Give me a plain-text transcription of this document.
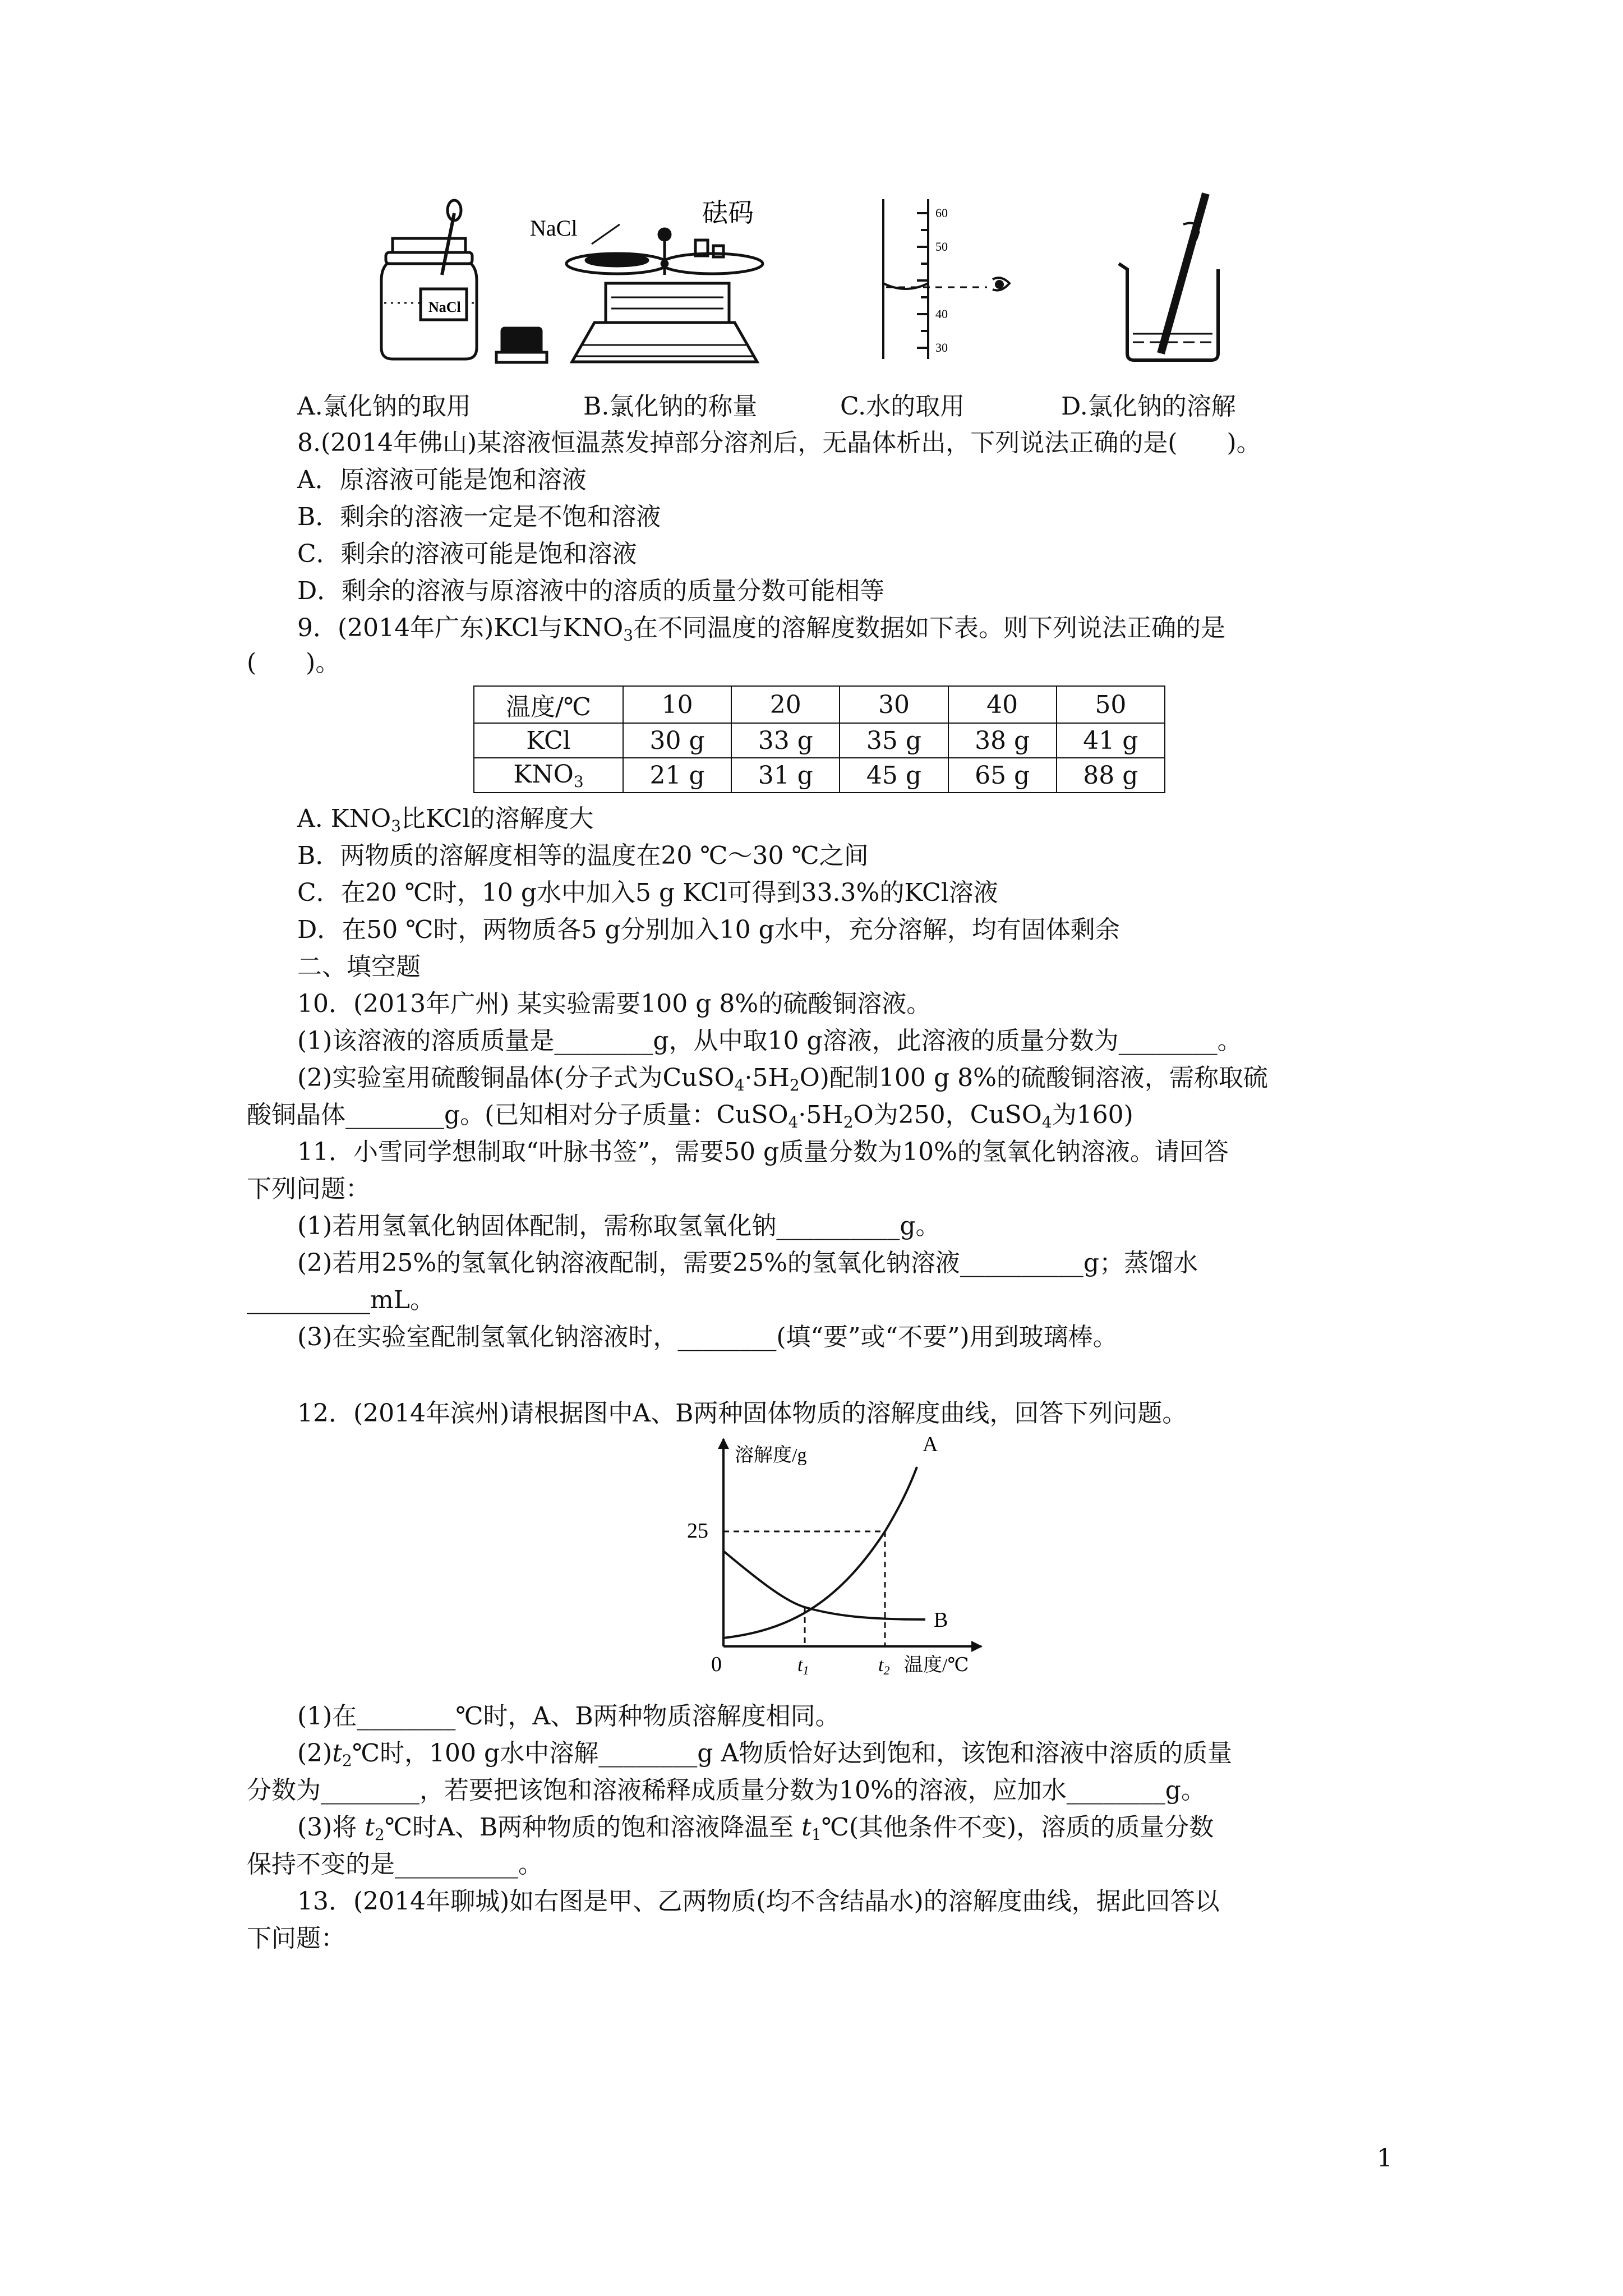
NaCl
NaCl
砝码	60
50
40
30
A.氯化钠的取用	B.氯化钠的称量	C.水的取用	D.氯化钠的溶解
8.(2014年佛山)某溶液恒温蒸发掉部分溶剂后，无晶体析出，下列说法正确的是(　　)。
A．原溶液可能是饱和溶液
B．剩余的溶液一定是不饱和溶液
C．剩余的溶液可能是饱和溶液
D．剩余的溶液与原溶液中的溶质的质量分数可能相等
9．(2014年广东)KCl与$KNO_3$在不同温度的溶解度数据如下表。则下列说法正确的是
(　　)。
温度/℃	10	20	30	40	50
KCl	30 g	33 g	35 g	38 g	41 g
$KNO_3$	21 g	31 g	45 g	65 g	88 g
A. $KNO_3$比KCl的溶解度大
B．两物质的溶解度相等的温度在20 ℃～30 ℃之间
C．在20 ℃时，10 g水中加入5 g KCl可得到33.3%的KCl溶液
D．在50 ℃时，两物质各5 g分别加入10 g水中，充分溶解，均有固体剩余
二、填空题
10．(2013年广州) 某实验需要100 g 8%的硫酸铜溶液。
(1)该溶液的溶质质量是________g，从中取10 g溶液，此溶液的质量分数为________。
(2)实验室用硫酸铜晶体(分子式为$CuSO_4\cdot 5H_2O$)配制100 g 8%的硫酸铜溶液，需称取硫
酸铜晶体________g。(已知相对分子质量：$CuSO_4\cdot 5H_2O$为250，CuSO$_4$为160)
11．小雪同学想制取“叶脉书签”，需要50 g质量分数为10%的氢氧化钠溶液。请回答
下列问题：
(1)若用氢氧化钠固体配制，需称取氢氧化钠__________g。
(2)若用25%的氢氧化钠溶液配制，需要25%的氢氧化钠溶液__________g；蒸馏水
__________mL。
(3)在实验室配制氢氧化钠溶液时，________(填“要”或“不要”)用到玻璃棒。
12．(2014年滨州)请根据图中A、B两种固体物质的溶解度曲线，回答下列问题。
溶解度/g
25
0	t1	t2 温度/℃
A
B
(1)在________℃时，A、B两种物质溶解度相同。
$(2)t_2℃$时，100 g水中溶解________g A物质恰好达到饱和，该饱和溶液中溶质的质量
分数为________，若要把该饱和溶液稀释成质量分数为10%的溶液，应加水________g。
(3)将 $t_2℃$时A、B两种物质的饱和溶液降温至 $t_1℃$(其他条件不变)，溶质的质量分数
保持不变的是__________。
13．(2014年聊城)如右图是甲、乙两物质(均不含结晶水)的溶解度曲线，据此回答以
下问题：
1
